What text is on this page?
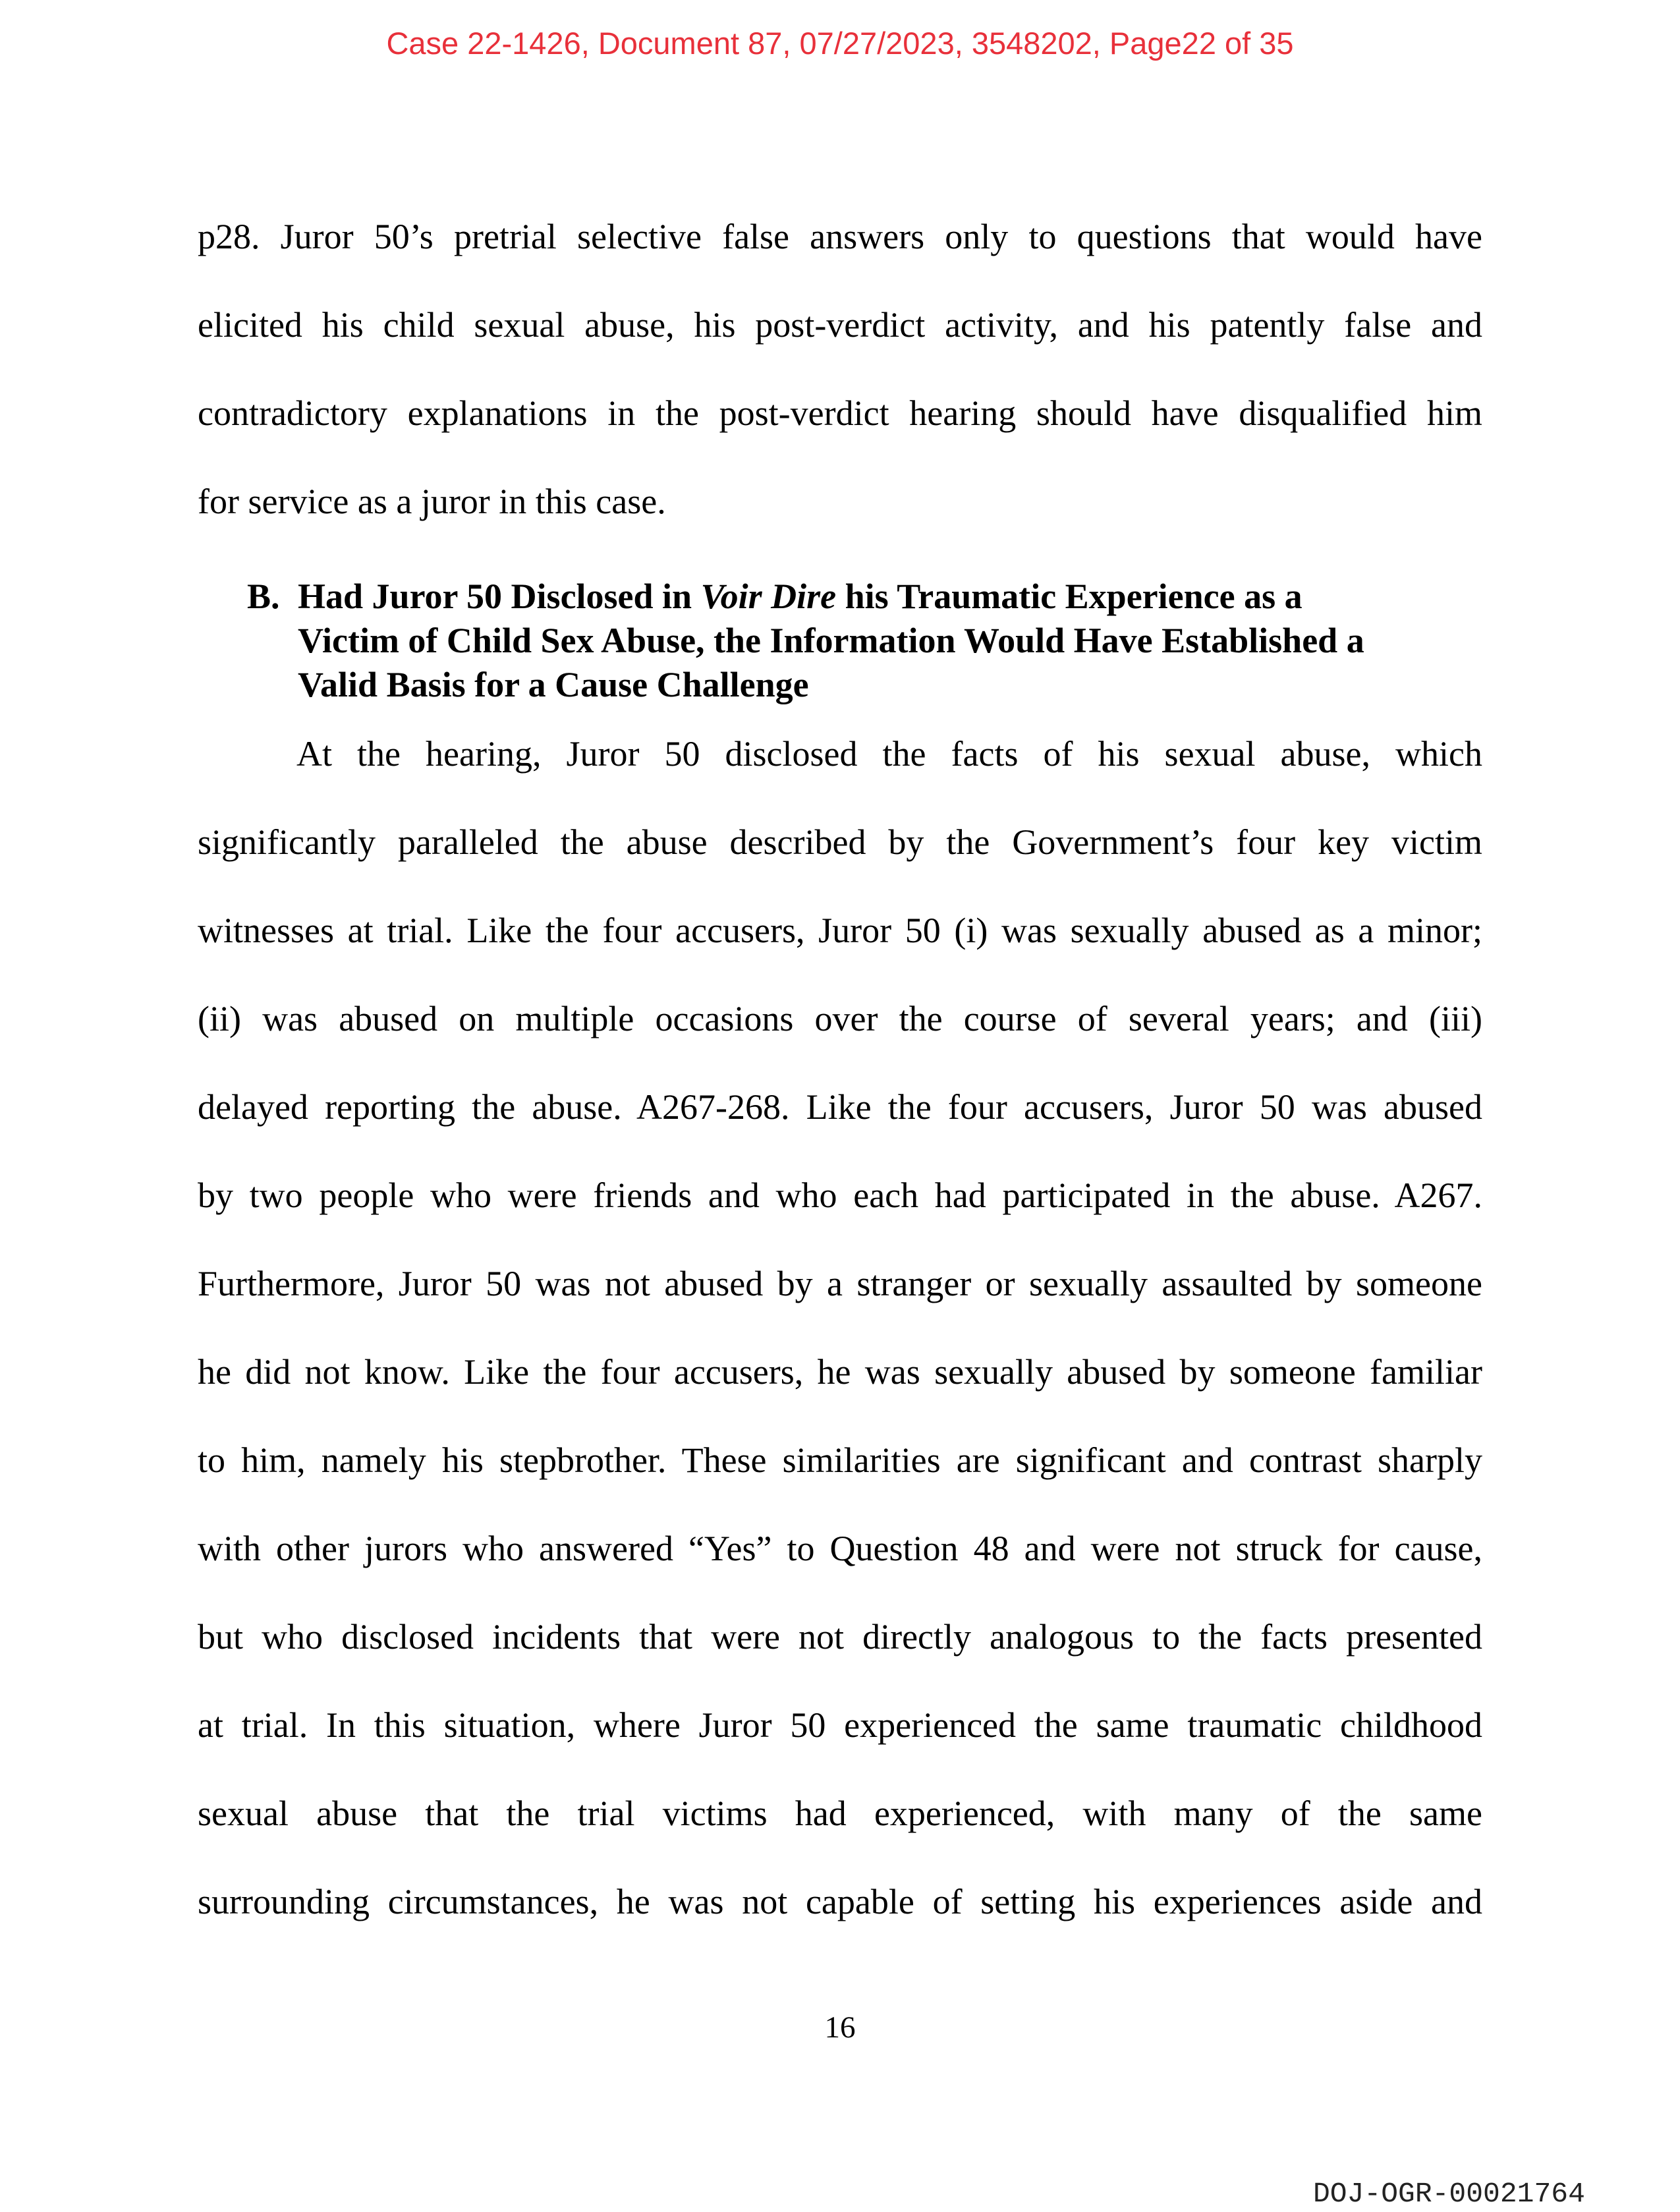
Case 22-1426, Document 87, 07/27/2023, 3548202, Page22 of 35
p28. Juror 50’s pretrial selective false answers only to questions that would have
elicited his child sexual abuse, his post-verdict activity, and his patently false and
contradictory explanations in the post-verdict hearing should have disqualified him
for service as a juror in this case.
B. Had Juror 50 Disclosed in Voir Dire his Traumatic Experience as a
Victim of Child Sex Abuse, the Information Would Have Established a
Valid Basis for a Cause Challenge
At the hearing, Juror 50 disclosed the facts of his sexual abuse, which
significantly paralleled the abuse described by the Government’s four key victim
witnesses at trial. Like the four accusers, Juror 50 (i) was sexually abused as a minor;
(ii) was abused on multiple occasions over the course of several years; and (iii)
delayed reporting the abuse. A267-268. Like the four accusers, Juror 50 was abused
by two people who were friends and who each had participated in the abuse. A267.
Furthermore, Juror 50 was not abused by a stranger or sexually assaulted by someone
he did not know. Like the four accusers, he was sexually abused by someone familiar
to him, namely his stepbrother. These similarities are significant and contrast sharply
with other jurors who answered “Yes” to Question 48 and were not struck for cause,
but who disclosed incidents that were not directly analogous to the facts presented
at trial. In this situation, where Juror 50 experienced the same traumatic childhood
sexual abuse that the trial victims had experienced, with many of the same
surrounding circumstances, he was not capable of setting his experiences aside and
16
DOJ-OGR-00021764
